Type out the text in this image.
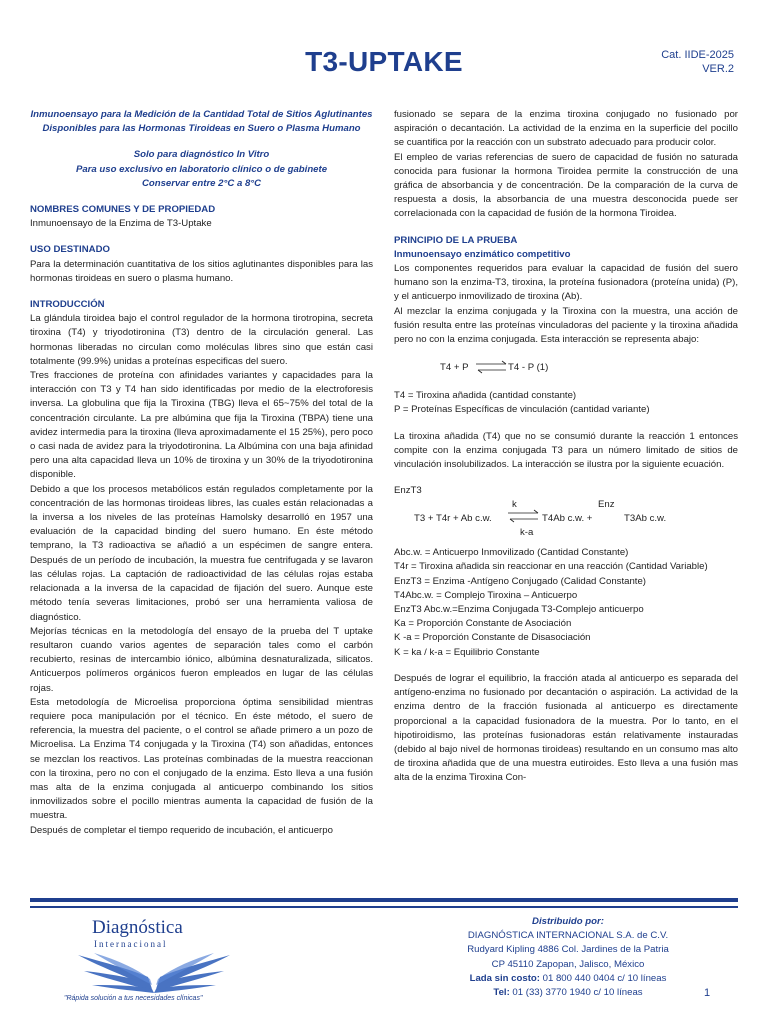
T3-UPTAKE	Cat. IIDE-2025
VER.2
Inmunoensayo para la Medición de la Cantidad Total de Sitios Aglutinantes Disponibles para las Hormonas Tiroideas en Suero o Plasma Humano
Solo para diagnóstico In Vitro
Para uso exclusivo en laboratorio clínico o de gabinete
Conservar entre 2°C a 8°C
NOMBRES COMUNES Y DE PROPIEDAD

Inmunoensayo de la Enzima de T3-Uptake

USO DESTINADO

Para la determinación cuantitativa de los sitios aglutinantes disponibles para las hormonas tiroideas en suero o plasma humano.

INTRODUCCIÓN

La glándula tiroidea bajo el control regulador de la hormona tirotropina, secreta tiroxina (T4) y triyodotironina (T3) dentro de la circulación general. Las hormonas liberadas no circulan como moléculas libres sino que están casi totalmente (99.9%) unidas a proteínas especificas del suero.

Tres fracciones de proteína con afinidades variantes y capacidades para la interacción con T3 y T4 han sido identificadas por medio de la electroforesis inversa. La globulina que fija la Tiroxina (TBG) lleva el 65~75% del total de la concentración circulante. La pre albúmina que fija la Tiroxina (TBPA) tiene una avidez intermedia para la tiroxina (lleva aproximadamente el 15 25%), pero poco o casi nada de avidez para la triyodotironina. La Albúmina con una baja afinidad pero una alta capacidad lleva un 10% de tiroxina y un 30% de la triyodotironina disponible.

Debido a que los procesos metabólicos están regulados completamente por la concentración de las hormonas tiroideas libres, las cuales están relacionadas a la inversa a los niveles de las proteínas Hamolsky desarrolló en 1957 una evaluación de la capacidad binding del suero humano. En éste método temprano, la T3 radioactiva se añadió a un espécimen de sangre entera. Después de un período de incubación, la muestra fue centrifugada y se lavaron las células rojas. La captación de radioactividad de las células rojas estaba relacionada a la inversa de la capacidad de fijación del suero. Aunque este método tenía severas limitaciones, probó ser una herramienta valiosa de diagnóstico.

Mejorías técnicas en la metodología del ensayo de la prueba del T uptake resultaron cuando varios agentes de separación tales como el carbón recubierto, resinas de intercambio iónico, albúmina desnaturalizada, silicatos. Anticuerpos polímeros orgánicos fueron empleados en lugar de las células rojas.

Esta metodología de Microelisa proporciona óptima sensibilidad mientras requiere poca manipulación por el técnico. En éste método, el suero de referencia, la muestra del paciente, o el control se añade primero a un pozo de Microelisa. La Enzima T4 conjugada y la Tiroxina (T4) son añadidas, entonces se mezclan los reactivos. Las proteínas combinadas de la muestra reaccionan con la tiroxina, pero no con el conjugado de la enzima. Esto lleva a una fusión mas alta de la enzima conjugada al anticuerpo combinando los sitios inmovilizados sobre el pocillo mientras aumenta la capacidad de fusión de la muestra.

Después de completar el tiempo requerido de incubación, el anticuerpo

fusionado se separa de la enzima tiroxina conjugado no fusionado por aspiración o decantación. La actividad de la enzima en la superficie del pocillo se cuantifica por la reacción con un substrato adecuado para producir color.

El empleo de varias referencias de suero de capacidad de fusión no saturada conocida para fusionar la hormona Tiroidea permite la construcción de una gráfica de absorbancia y de concentración. De la comparación de la curva de respuesta a dosis, la absorbancia de una muestra desconocida puede ser correlacionada con la capacidad de fusión de la hormona Tiroidea.

PRINCIPIO DE LA PRUEBA
Inmunoensayo enzimático competitivo

Los componentes requeridos para evaluar la capacidad de fusión del suero humano son la enzima-T3, tiroxina, la proteína fusionadora (proteína unida) (P), y el anticuerpo inmovilizado de tiroxina (Ab).

Al mezclar la enzima conjugada y la Tiroxina con la muestra, una acción de fusión resulta entre las proteínas vinculadoras del paciente y la tiroxina añadida pero no con la enzima conjugada. Esta interacción se representa abajo:

T4 + P ⇌
T4 - P (1)

T4 = Tiroxina añadida (cantidad constante)

P = Proteínas Específicas de vinculación (cantidad variante)

La tiroxina añadida (T4) que no se consumió durante la reacción 1 entonces compite con la enzima conjugada T3 para un número limitado de sitios de vinculación insolubilizados. La interacción se ilustra por la siguiente ecuación.

EnzT3
k	Enz
T3 + T4r + Ab c.w. ⇌ T4Ab c.w. +	T3Ab c.w.
k-a

Abc.w. = Anticuerpo Inmovilizado (Cantidad Constante)

T4r = Tiroxina añadida sin reaccionar en una reacción (Cantidad Variable)

EnzT3 = Enzima -Antígeno Conjugado (Calidad Constante)

T4Abc.w. = Complejo Tiroxina – Anticuerpo

EnzT3 Abc.w.=Enzima Conjugada T3-Complejo anticuerpo

Ka = Proporción Constante de Asociación

K -a = Proporción Constante de Disasociación

K = ka / k-a = Equilibrio Constante

Después de lograr el equilibrio, la fracción atada al anticuerpo es separada del antígeno-enzima no fusionado por decantación o aspiración. La actividad de la enzima dentro de la fracción fusionada al anticuerpo es directamente proporcional a la capacidad fusionadora de la muestra. Por lo tanto, en el hipotiroidismo, las proteínas fusionadoras están relativamente instauradas (debido al bajo nivel de hormonas tiroideas) resultando en un consumo mas alto de tiroxina añadida que de una muestra eutiroides. Esto lleva a una fusión mas alta de la enzima Tiroxina Con-

Diagnóstica
Internacional
"Rápida solución a tus necesidades clínicas"
Distribuido por:
DIAGNÓSTICA INTERNACIONAL S.A. de C.V.
Rudyard Kipling 4886 Col. Jardines de la Patria
CP 45110 Zapopan, Jalisco, México
Lada sin costo: 01 800 440 0404 c/ 10 líneas
Tel: 01 (33) 3770 1940 c/ 10 líneas	1
